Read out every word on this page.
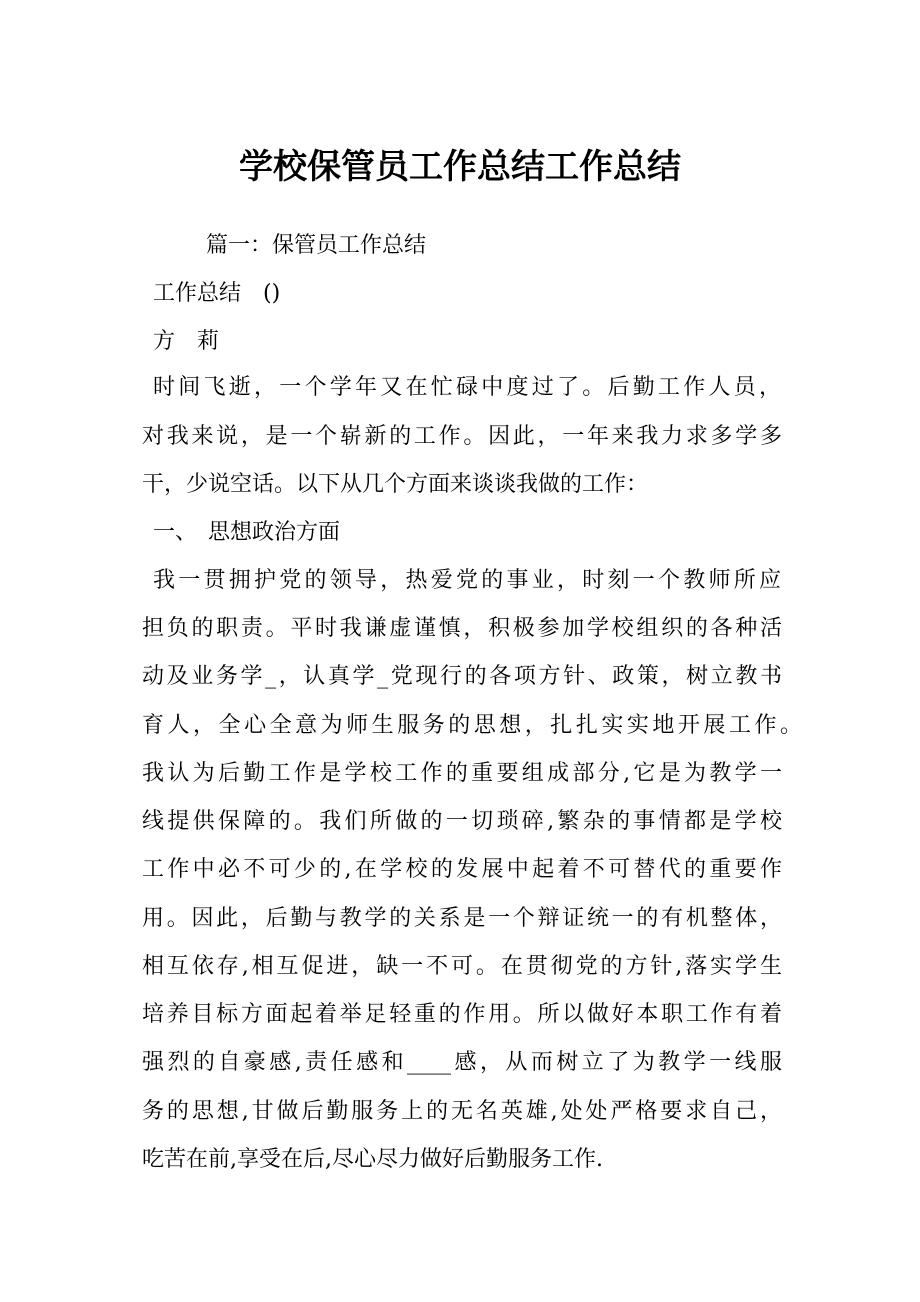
学校保管员工作总结工作总结

篇一：保管员工作总结

工作总结　()

方　莉

时间飞逝，一个学年又在忙碌中度过了。后勤工作人员，

对我来说，是一个崭新的工作。因此，一年来我力求多学多

干，少说空话。以下从几个方面来谈谈我做的工作：

一、　思想政治方面

我一贯拥护党的领导，热爱党的事业，时刻一个教师所应

担负的职责。平时我谦虚谨慎，积极参加学校组织的各种活

动及业务学_，认真学_党现行的各项方针、政策，树立教书

育人，全心全意为师生服务的思想，扎扎实实地开展工作。

我认为后勤工作是学校工作的重要组成部分,它是为教学一

线提供保障的。我们所做的一切琐碎,繁杂的事情都是学校

工作中必不可少的,在学校的发展中起着不可替代的重要作

用。因此，后勤与教学的关系是一个辩证统一的有机整体，

相互依存,相互促进，缺一不可。在贯彻党的方针,落实学生

培养目标方面起着举足轻重的作用。所以做好本职工作有着

强烈的自豪感,责任感和____感，从而树立了为教学一线服

务的思想,甘做后勤服务上的无名英雄,处处严格要求自己，

吃苦在前,享受在后,尽心尽力做好后勤服务工作.
